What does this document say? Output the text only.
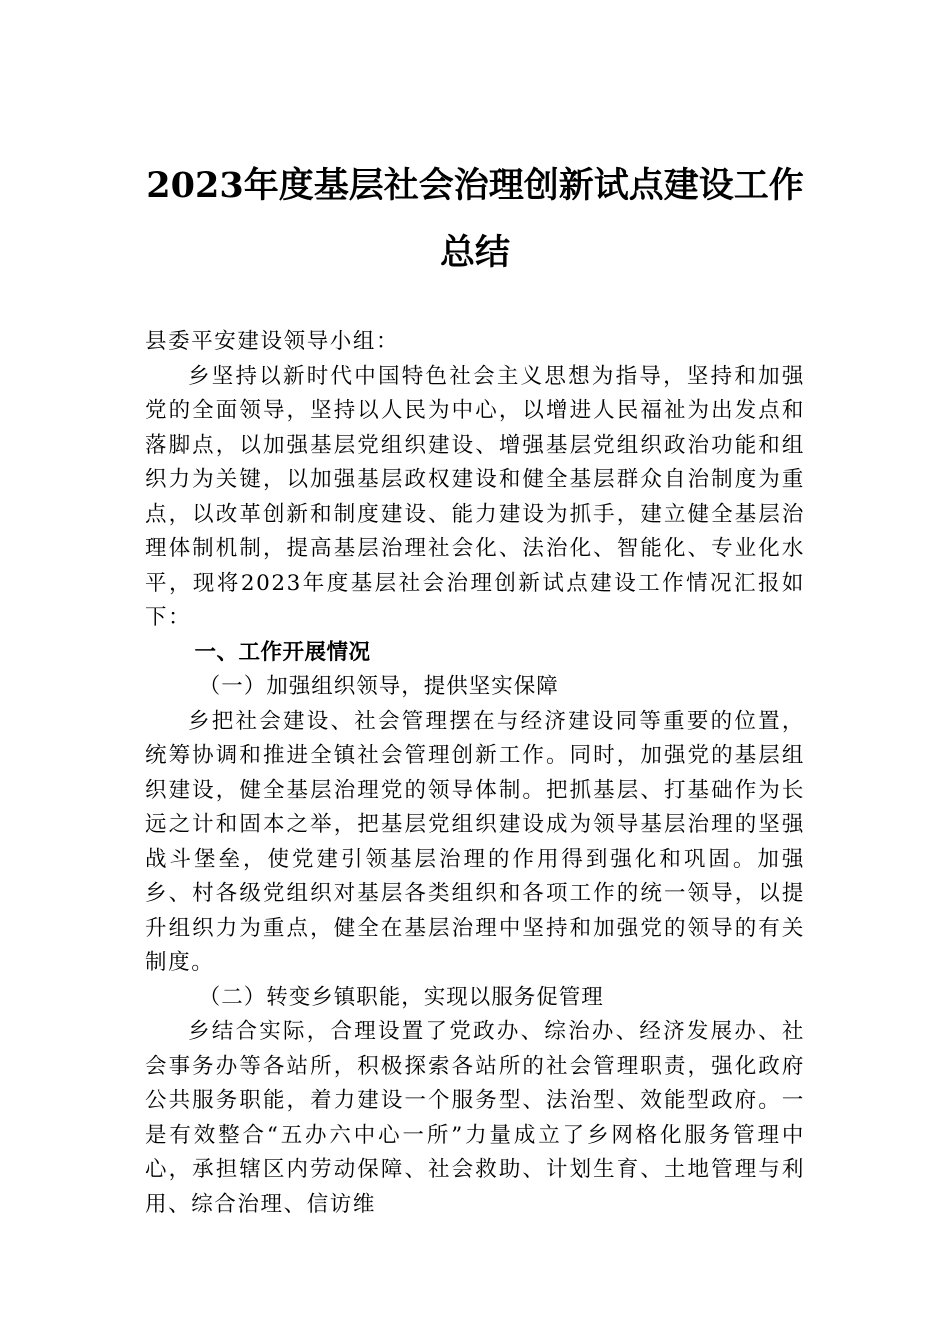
2023年度基层社会治理创新试点建设工作
总结

县委平安建设领导小组：

乡坚持以新时代中国特色社会主义思想为指导，坚持和加强党的全面领导，坚持以人民为中心，以增进人民福祉为出发点和落脚点，以加强基层党组织建设、增强基层党组织政治功能和组织力为关键，以加强基层政权建设和健全基层群众自治制度为重点，以改革创新和制度建设、能力建设为抓手，建立健全基层治理体制机制，提高基层治理社会化、法治化、智能化、专业化水平，现将2023年度基层社会治理创新试点建设工作情况汇报如下：

一、工作开展情况

（一）加强组织领导，提供坚实保障

乡把社会建设、社会管理摆在与经济建设同等重要的位置，统筹协调和推进全镇社会管理创新工作。同时，加强党的基层组织建设，健全基层治理党的领导体制。把抓基层、打基础作为长远之计和固本之举，把基层党组织建设成为领导基层治理的坚强战斗堡垒，使党建引领基层治理的作用得到强化和巩固。加强乡、村各级党组织对基层各类组织和各项工作的统一领导，以提升组织力为重点，健全在基层治理中坚持和加强党的领导的有关制度。

（二）转变乡镇职能，实现以服务促管理

乡结合实际，合理设置了党政办、综治办、经济发展办、社会事务办等各站所，积极探索各站所的社会管理职责，强化政府公共服务职能，着力建设一个服务型、法治型、效能型政府。一是有效整合“五办六中心一所”力量成立了乡网格化服务管理中心，承担辖区内劳动保障、社会救助、计划生育、土地管理与利用、综合治理、信访维
